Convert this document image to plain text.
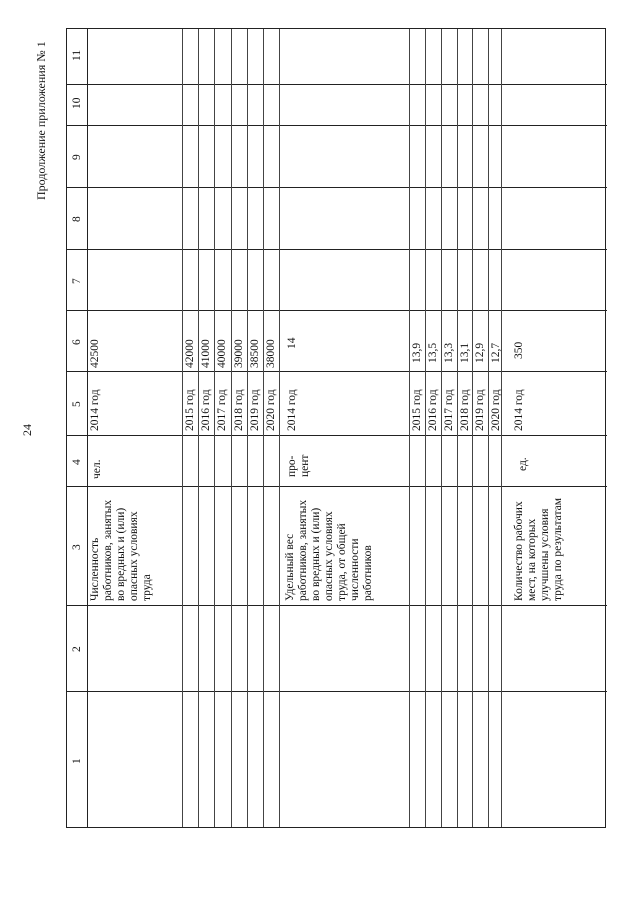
24
Продолжение приложения № 1
1
2
3
4
5
6
7
8
9
10
11
Численность работников, занятых во вредных и (или) опасных условиях труда
чел.
2014 год
42500
2015 год
42000
2016 год
41000
2017 год
40000
2018 год
39000
2019 год
38500
2020 год
38000
Удельный вес работников, занятых во вредных и (или) опасных условиях труда, от общей численности работников
про-цент
2014 год
14
2015 год
13,9
2016 год
13,5
2017 год
13,3
2018 год
13,1
2019 год
12,9
2020 год
12,7
Количество рабочих мест, на которых улучшены условия труда по результатам
ед.
2014 год
350
